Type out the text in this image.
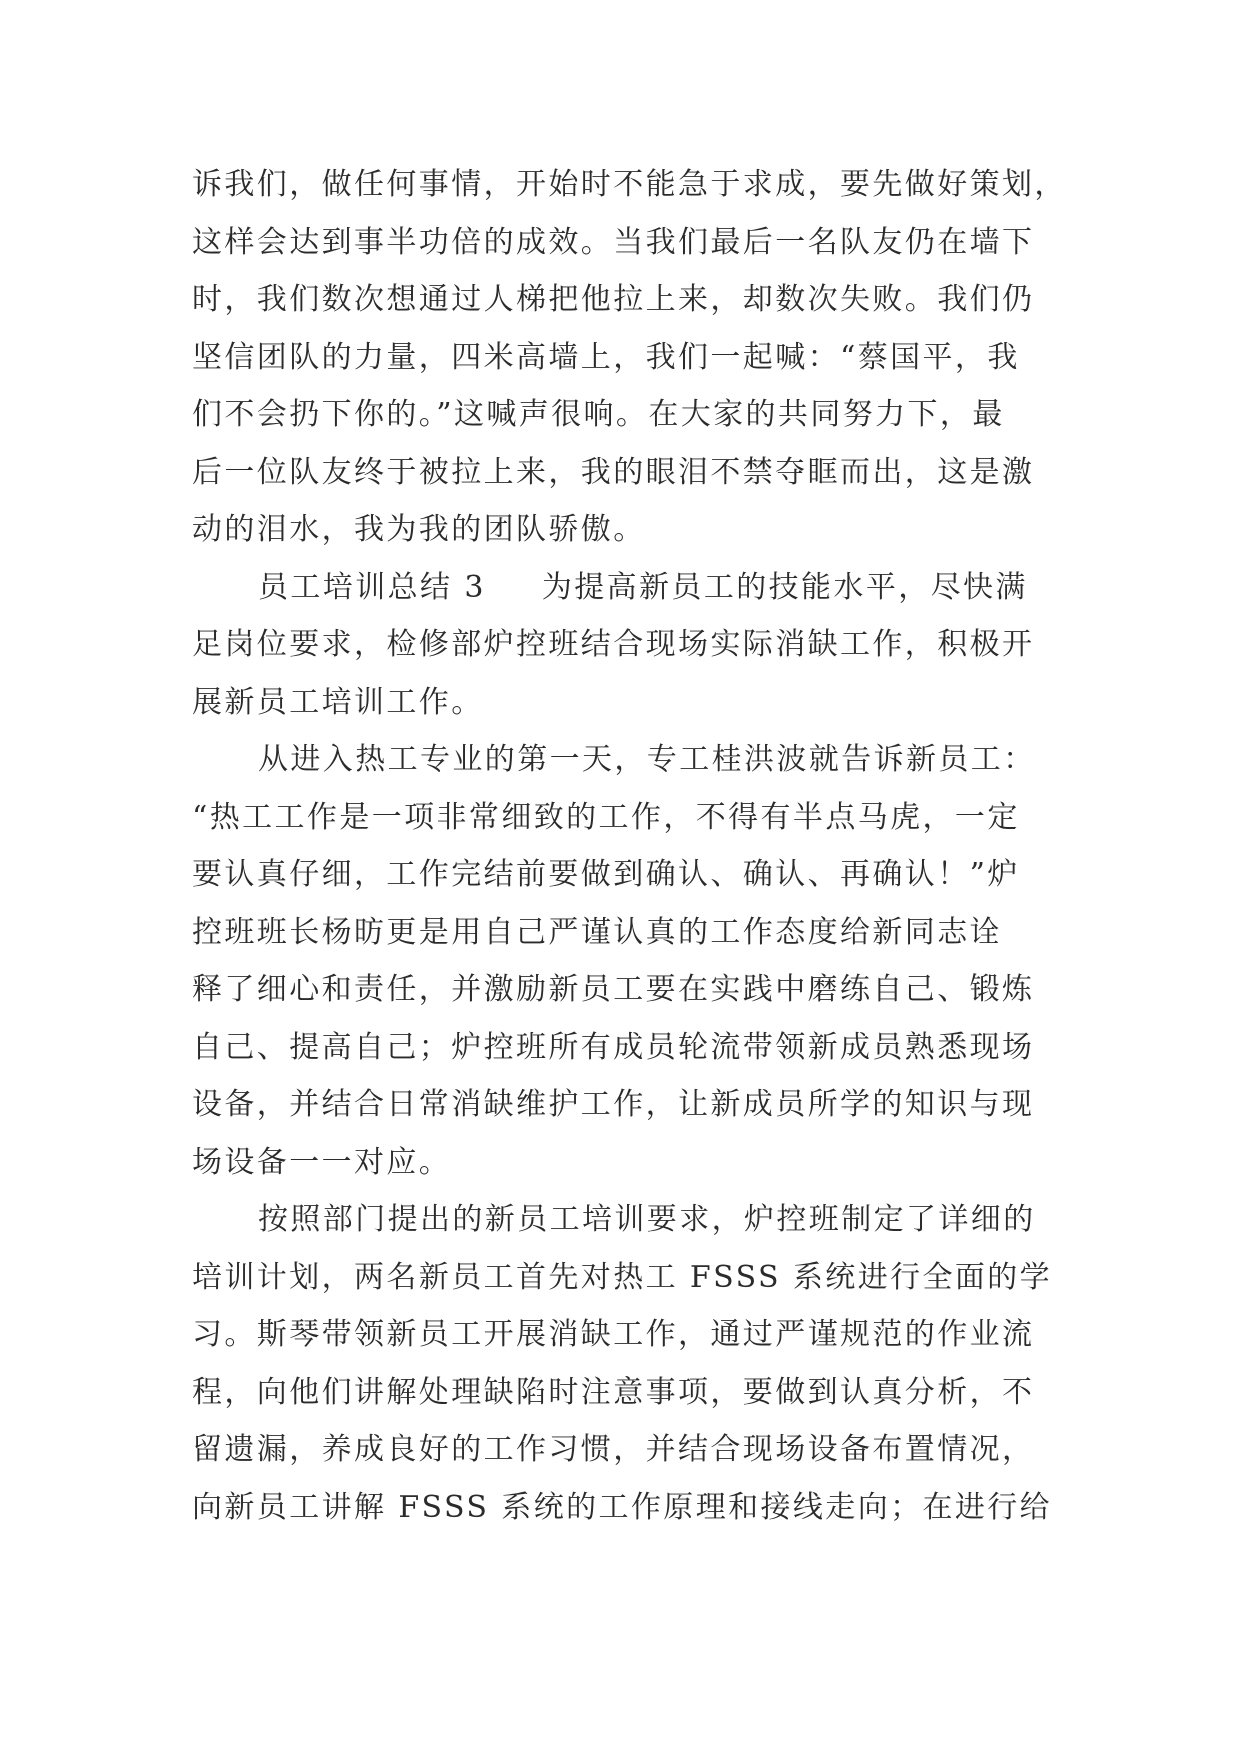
诉我们，做任何事情，开始时不能急于求成，要先做好策划，
这样会达到事半功倍的成效。当我们最后一名队友仍在墙下
时，我们数次想通过人梯把他拉上来，却数次失败。我们仍
坚信团队的力量，四米高墙上，我们一起喊：“蔡国平，我
们不会扔下你的。”这喊声很响。在大家的共同努力下，最
后一位队友终于被拉上来，我的眼泪不禁夺眶而出，这是激
动的泪水，我为我的团队骄傲。
员工培训总结 3 为提高新员工的技能水平，尽快满
足岗位要求，检修部炉控班结合现场实际消缺工作，积极开
展新员工培训工作。
从进入热工专业的第一天，专工桂洪波就告诉新员工：
“热工工作是一项非常细致的工作，不得有半点马虎，一定
要认真仔细，工作完结前要做到确认、确认、再确认！”炉
控班班长杨昉更是用自己严谨认真的工作态度给新同志诠
释了细心和责任，并激励新员工要在实践中磨练自己、锻炼
自己、提高自己；炉控班所有成员轮流带领新成员熟悉现场
设备，并结合日常消缺维护工作，让新成员所学的知识与现
场设备一一对应。
按照部门提出的新员工培训要求，炉控班制定了详细的
培训计划，两名新员工首先对热工 FSSS 系统进行全面的学
习。斯琴带领新员工开展消缺工作，通过严谨规范的作业流
程，向他们讲解处理缺陷时注意事项，要做到认真分析，不
留遗漏，养成良好的工作习惯，并结合现场设备布置情况，
向新员工讲解 FSSS 系统的工作原理和接线走向；在进行给
